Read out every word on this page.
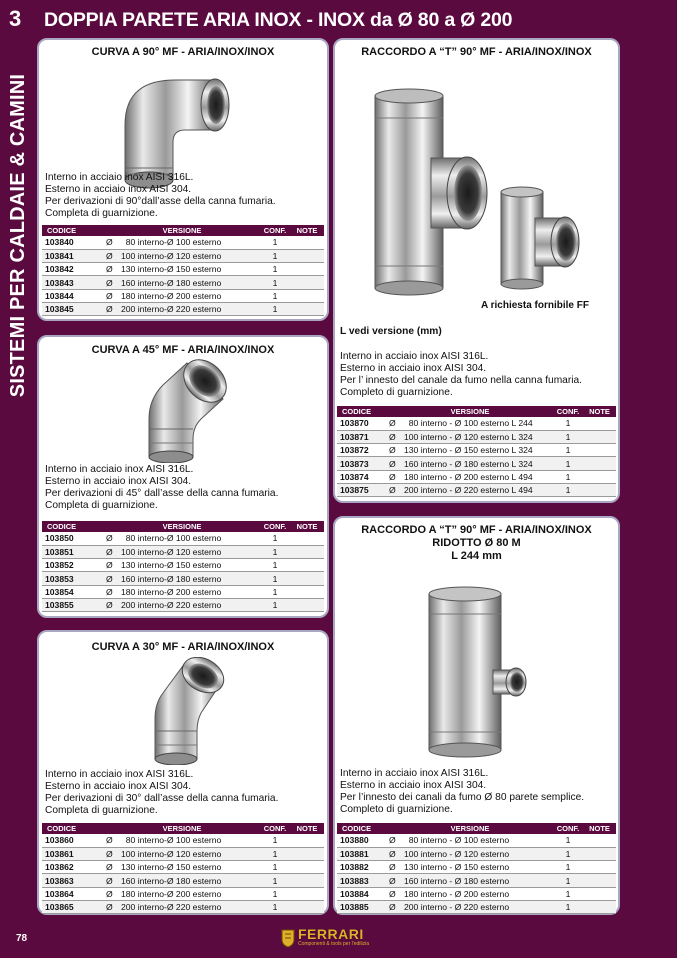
3
SISTEMI PER CALDAIE & CAMINI
DOPPIA PARETE ARIA INOX - INOX da Ø 80 a Ø 200
CURVA A 90° MF - ARIA/INOX/INOX
Interno in acciaio inox AISI 316L.
Esterno in acciaio inox AISI 304.
Per derivazioni di 90°dall’asse della canna fumaria.
Completa di guarnizione.
CODICE	VERSIONE		CONF.	NOTE
103840	Ø	80 interno-Ø 100 esterno	1	
103841	Ø	100 interno-Ø 120 esterno	1	
103842	Ø	130 interno-Ø 150 esterno	1	
103843	Ø	160 interno-Ø 180 esterno	1	
103844	Ø	180 interno-Ø 200 esterno	1	
103845	Ø	200 interno-Ø 220 esterno	1	
CURVA A 45° MF - ARIA/INOX/INOX
Interno in acciaio inox AISI 316L.
Esterno in acciaio inox AISI 304.
Per derivazioni di 45° dall’asse della canna fumaria.
Completa di guarnizione.
CODICE	VERSIONE		CONF.	NOTE
103850	Ø	80 interno-Ø 100 esterno	1	
103851	Ø	100 interno-Ø 120 esterno	1	
103852	Ø	130 interno-Ø 150 esterno	1	
103853	Ø	160 interno-Ø 180 esterno	1	
103854	Ø	180 interno-Ø 200 esterno	1	
103855	Ø	200 interno-Ø 220 esterno	1	
CURVA A 30° MF - ARIA/INOX/INOX
Interno in acciaio inox AISI 316L.
Esterno in acciaio inox AISI 304.
Per derivazioni di 30° dall’asse della canna fumaria.
Completa di guarnizione.
CODICE	VERSIONE		CONF.	NOTE
103860	Ø	80 interno-Ø 100 esterno	1	
103861	Ø	100 interno-Ø 120 esterno	1	
103862	Ø	130 interno-Ø 150 esterno	1	
103863	Ø	160 interno-Ø 180 esterno	1	
103864	Ø	180 interno-Ø 200 esterno	1	
103865	Ø	200 interno-Ø 220 esterno	1	
RACCORDO A “T” 90° MF - ARIA/INOX/INOX
A richiesta fornibile FF
L vedi versione (mm)
Interno in acciaio inox AISI 316L.
Esterno in acciaio inox AISI 304.
Per l’ innesto del canale da fumo nella canna fumaria.
Completo di guarnizione.
CODICE	VERSIONE		CONF.	NOTE
103870	Ø	80 interno - Ø 100 esterno L 244	1	
103871	Ø	100 interno - Ø 120 esterno L 324	1	
103872	Ø	130 interno - Ø 150 esterno L 324	1	
103873	Ø	160 interno - Ø 180 esterno L 324	1	
103874	Ø	180 interno - Ø 200 esterno L 494	1	
103875	Ø	200 interno - Ø 220 esterno L 494	1	
RACCORDO A “T” 90° MF - ARIA/INOX/INOX
RIDOTTO Ø 80 M
L 244 mm
Interno in acciaio inox AISI 316L.
Esterno in acciaio inox AISI 304.
Per l’innesto dei canali da fumo Ø 80 parete semplice.
Completo di guarnizione.
CODICE	VERSIONE		CONF.	NOTE
103880	Ø	80 interno - Ø 100 esterno	1	
103881	Ø	100 interno - Ø 120 esterno	1	
103882	Ø	130 interno - Ø 150 esterno	1	
103883	Ø	160 interno - Ø 180 esterno	1	
103884	Ø	180 interno - Ø 200 esterno	1	
103885	Ø	200 interno - Ø 220 esterno	1	
78	FERRARI
Componenti & tools per l'edilizia
